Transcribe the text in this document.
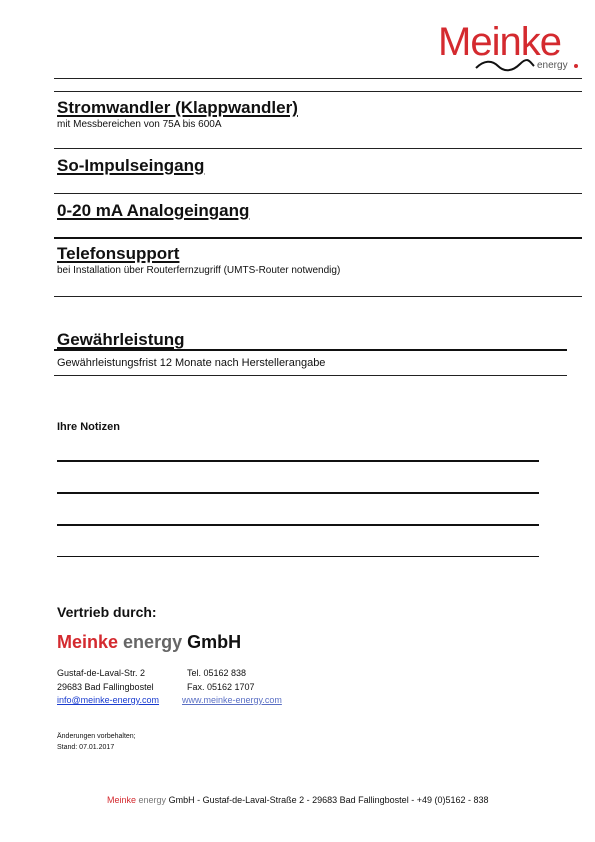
Meinke
energy
Stromwandler (Klappwandler)
mit Messbereichen von 75A bis 600A
So-Impulseingang
0-20 mA Analogeingang
Telefonsupport
bei Installation über Routerfernzugriff (UMTS-Router notwendig)
Gewährleistung
Gewährleistungsfrist 12 Monate nach Herstellerangabe
Ihre Notizen
Vertrieb durch:
Meinke energy GmbH
Gustaf-de-Laval-Str. 2
29683 Bad Fallingbostel
info@meinke-energy.com
Tel. 05162 838
Fax. 05162 1707
www.meinke-energy.com
Änderungen vorbehalten;
Stand: 07.01.2017
Meinke energy GmbH - Gustaf-de-Laval-Straße 2 - 29683 Bad Fallingbostel - +49 (0)5162 - 838
